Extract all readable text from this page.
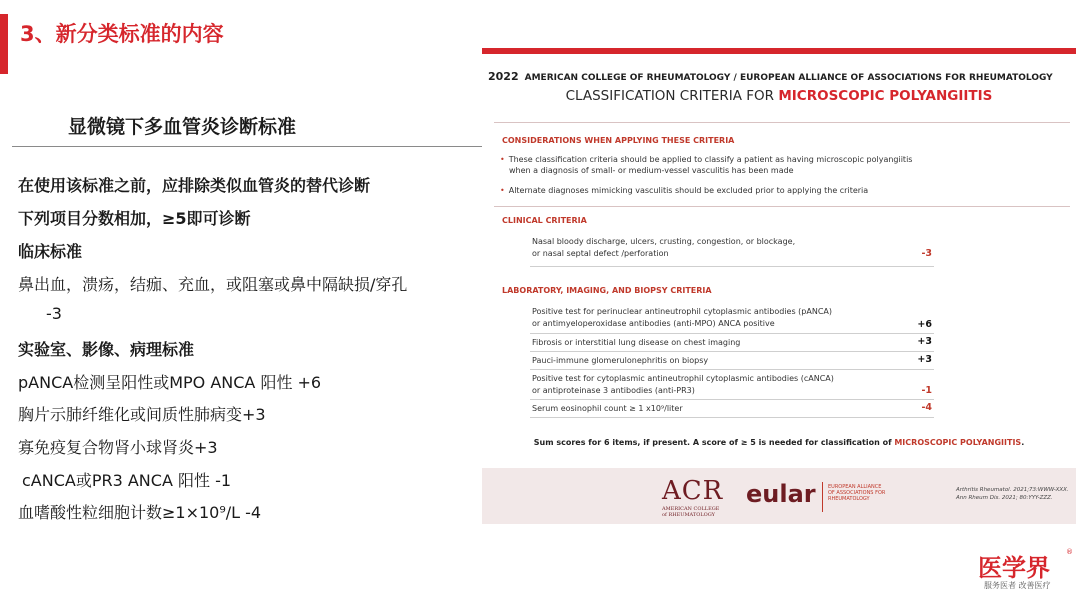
3、新分类标准的内容
显微镜下多血管炎诊断标准
在使用该标准之前，应排除类似血管炎的替代诊断
下列项目分数相加，≥5即可诊断
临床标准
鼻出血，溃疡，结痂、充血，或阻塞或鼻中隔缺损/穿孔
-3
实验室、影像、病理标准
pANCA检测呈阳性或MPO ANCA 阳性 +6
胸片示肺纤维化或间质性肺病变+3
寡免疫复合物肾小球肾炎+3
cANCA或PR3 ANCA 阳性 -1
血嗜酸性粒细胞计数≥1×10⁹/L -4
2022 AMERICAN COLLEGE OF RHEUMATOLOGY / EUROPEAN ALLIANCE OF ASSOCIATIONS FOR RHEUMATOLOGY
CLASSIFICATION CRITERIA FOR MICROSCOPIC POLYANGIITIS
CONSIDERATIONS WHEN APPLYING THESE CRITERIA
• These classification criteria should be applied to classify a patient as having microscopic polyangiitis
when a diagnosis of small- or medium-vessel vasculitis has been made
• Alternate diagnoses mimicking vasculitis should be excluded prior to applying the criteria
CLINICAL CRITERIA
Nasal bloody discharge, ulcers, crusting, congestion, or blockage,
or nasal septal defect /perforation	-3
LABORATORY, IMAGING, AND BIOPSY CRITERIA
Positive test for perinuclear antineutrophil cytoplasmic antibodies (pANCA)
or antimyeloperoxidase antibodies (anti-MPO) ANCA positive	+6
Fibrosis or interstitial lung disease on chest imaging	+3
Pauci-immune glomerulonephritis on biopsy	+3
Positive test for cytoplasmic antineutrophil cytoplasmic antibodies (cANCA)
or antiproteinase 3 antibodies (anti-PR3)	-1
Serum eosinophil count ≥ 1 x10⁹/liter	-4
Sum scores for 6 items, if present. A score of ≥ 5 is needed for classification of MICROSCOPIC POLYANGIITIS.
ACR
AMERICAN COLLEGE of RHEUMATOLOGY
eular EUROPEAN ALLIANCE OF ASSOCIATIONS FOR RHEUMATOLOGY
Arthritis Rheumatol. 2021;73:WWW-XXX.
Ann Rheum Dis. 2021; 80:YYY-ZZZ.
医学界
®
服务医者 改善医疗
